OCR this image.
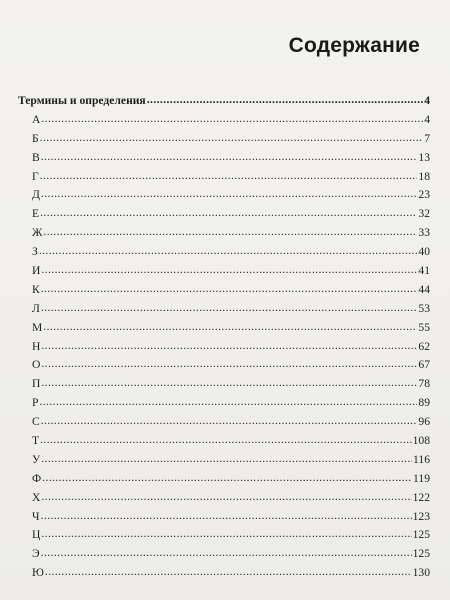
Содержание
Термины и определения .....	4
А .....	4
Б .....	7
В .....	13
Г .....	18
Д .....	23
Е .....	32
Ж .....	33
З .....	40
И .....	41
К .....	44
Л .....	53
М .....	55
Н .....	62
О .....	67
П .....	78
Р .....	89
С .....	96
Т .....	108
У .....	116
Ф .....	119
Х .....	122
Ч .....	123
Ц .....	125
Э .....	125
Ю .....	130
